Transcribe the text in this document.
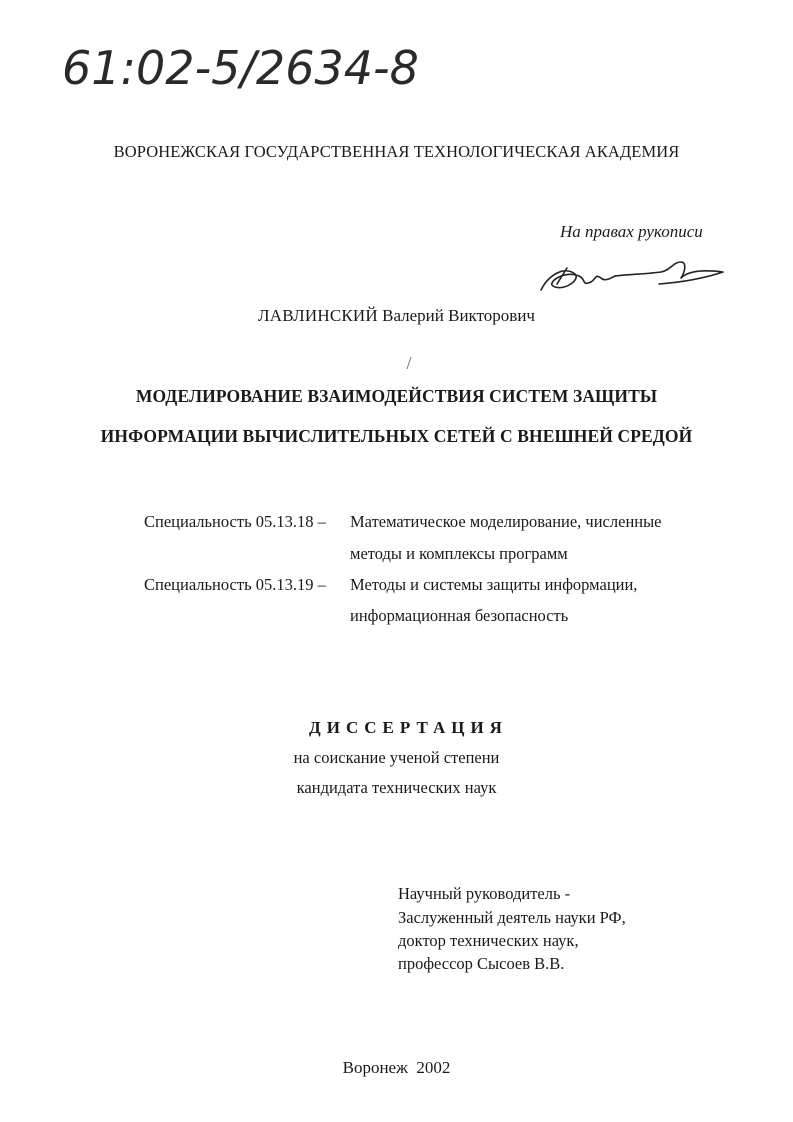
61:02-5/2634-8
ВОРОНЕЖСКАЯ ГОСУДАРСТВЕННАЯ ТЕХНОЛОГИЧЕСКАЯ АКАДЕМИЯ
На правах рукописи
ЛАВЛИНСКИЙ Валерий Викторович
МОДЕЛИРОВАНИЕ ВЗАИМОДЕЙСТВИЯ СИСТЕМ ЗАЩИТЫ
ИНФОРМАЦИИ ВЫЧИСЛИТЕЛЬНЫХ СЕТЕЙ С ВНЕШНЕЙ СРЕДОЙ
Специальность 05.13.18 – Математическое моделирование, численные
методы и комплексы программ
Специальность 05.13.19 – Методы и системы защиты информации,
информационная безопасность
ДИССЕРТАЦИЯ
на соискание ученой степени
кандидата технических наук
Научный руководитель -
Заслуженный деятель науки РФ,
доктор технических наук,
профессор Сысоев В.В.
Воронеж  2002
